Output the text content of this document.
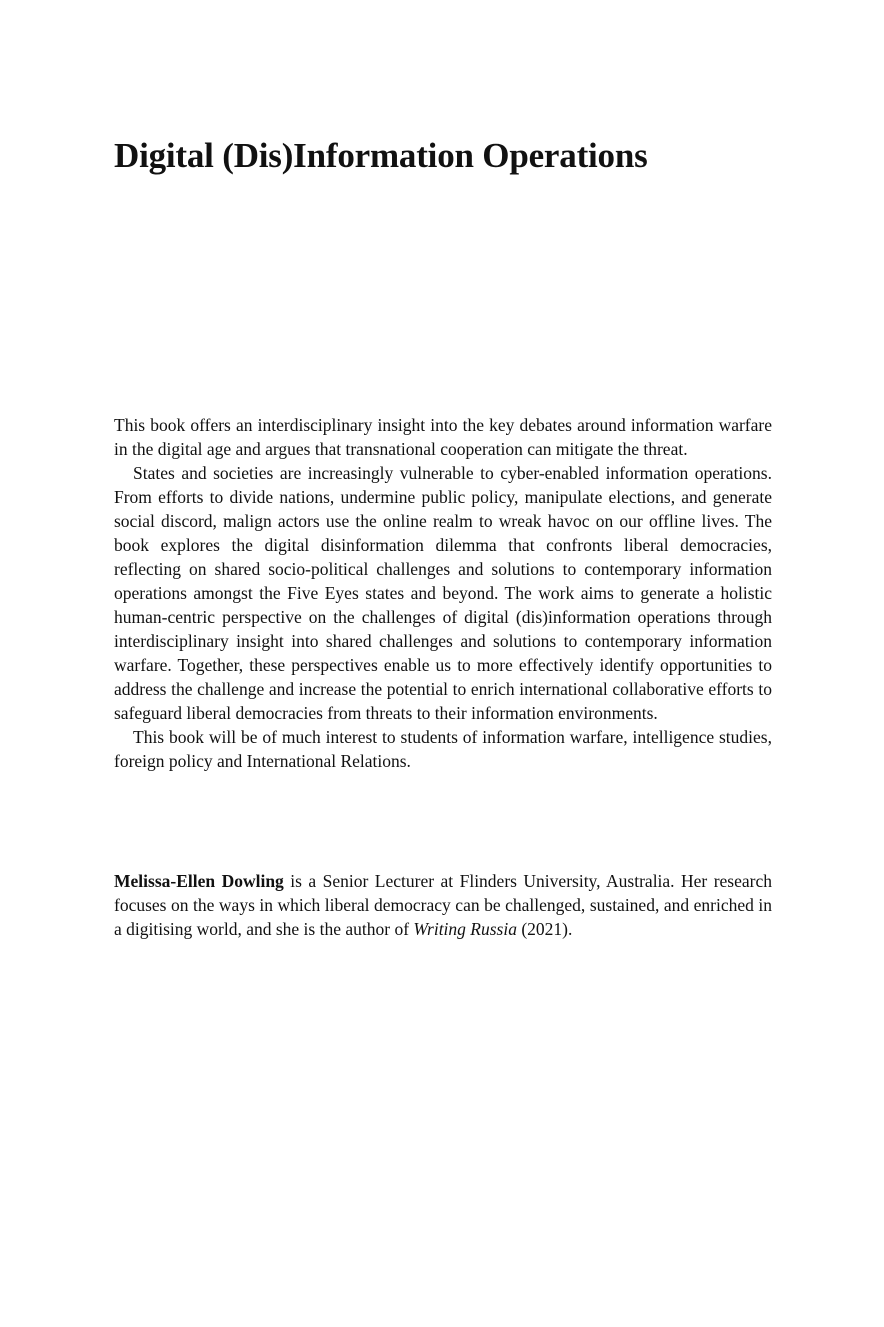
Digital (Dis)Information Operations

This book offers an interdisciplinary insight into the key debates around information warfare in the digital age and argues that transnational cooperation can mitigate the threat.

States and societies are increasingly vulnerable to cyber-enabled information operations. From efforts to divide nations, undermine public policy, manipulate elections, and generate social discord, malign actors use the online realm to wreak havoc on our offline lives. The book explores the digital disinformation dilemma that confronts liberal democracies, reflecting on shared socio-political challenges and solutions to contemporary information operations amongst the Five Eyes states and beyond. The work aims to generate a holistic human-centric perspective on the challenges of digital (dis)information operations through interdisciplinary insight into shared challenges and solutions to contemporary information warfare. Together, these perspectives enable us to more effectively identify opportunities to address the challenge and increase the potential to enrich international collaborative efforts to safeguard liberal democracies from threats to their information environments.

This book will be of much interest to students of information warfare, intelligence studies, foreign policy and International Relations.

Melissa-Ellen Dowling is a Senior Lecturer at Flinders University, Australia. Her research focuses on the ways in which liberal democracy can be challenged, sustained, and enriched in a digitising world, and she is the author of Writing Russia (2021).
